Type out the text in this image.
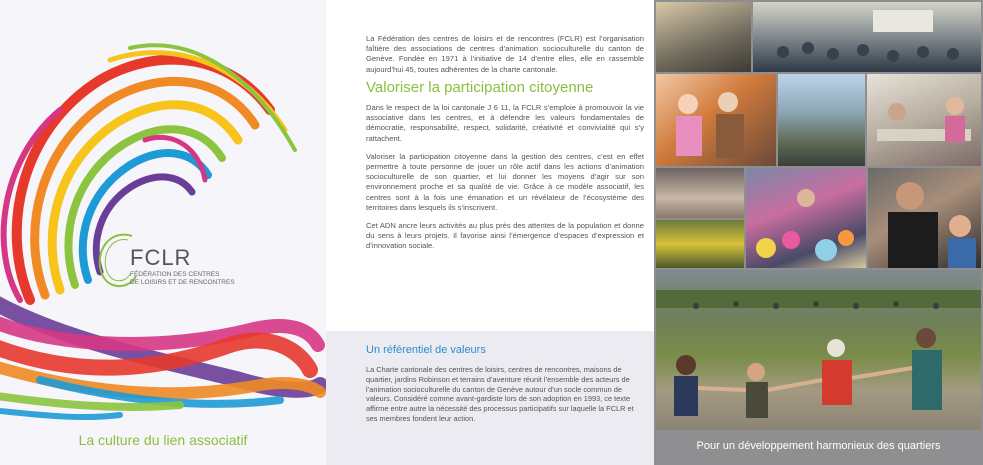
FCLR
FÉDÉRATION DES CENTRES
DE LOISIRS ET DE RENCONTRES
La culture du lien associatif

La Fédération des centres de loisirs et de rencontres (FCLR) est l’organisation faîtière des associations de centres d’animation socioculturelle du canton de Genève. Fondée en 1971 à l’initiative de 14 d’entre elles, elle en rassemble aujourd’hui 45, toutes adhérentes de la charte cantonale.

Valoriser la participation citoyenne

Dans le respect de la loi cantonale J 6 11, la FCLR s’emploie à promouvoir la vie associative dans les centres, et à défendre les valeurs fondamentales de démocratie, responsabilité, respect, solidarité, créativité et convivialité qui s’y rattachent.

Valoriser la participation citoyenne dans la gestion des centres, c’est en effet permettre à toute personne de jouer un rôle actif dans les actions d’animation socioculturelle de son quartier, et lui donner les moyens d’agir sur son environnement proche et sa qualité de vie. Grâce à ce modèle associatif, les centres sont à la fois une émanation et un révélateur de l’écosystème des territoires dans lesquels ils s’inscrivent.

Cet ADN ancre leurs activités au plus près des attentes de la population et donne du sens à leurs projets. Il favorise ainsi l’émergence d’espaces d’expression et d’innovation sociale.

Un référentiel de valeurs

La Charte cantonale des centres de loisirs, centres de rencontres, maisons de quartier, jardins Robinson et terrains d’aventure réunit l’ensemble des acteurs de l’animation socioculturelle du canton de Genève autour d’un socle commun de valeurs. Considéré comme avant-gardiste lors de son adoption en 1993, ce texte affirme entre autre la nécessité des processus participatifs sur laquelle la FCLR et ses membres fondent leur action.

Pour un développement harmonieux des quartiers
